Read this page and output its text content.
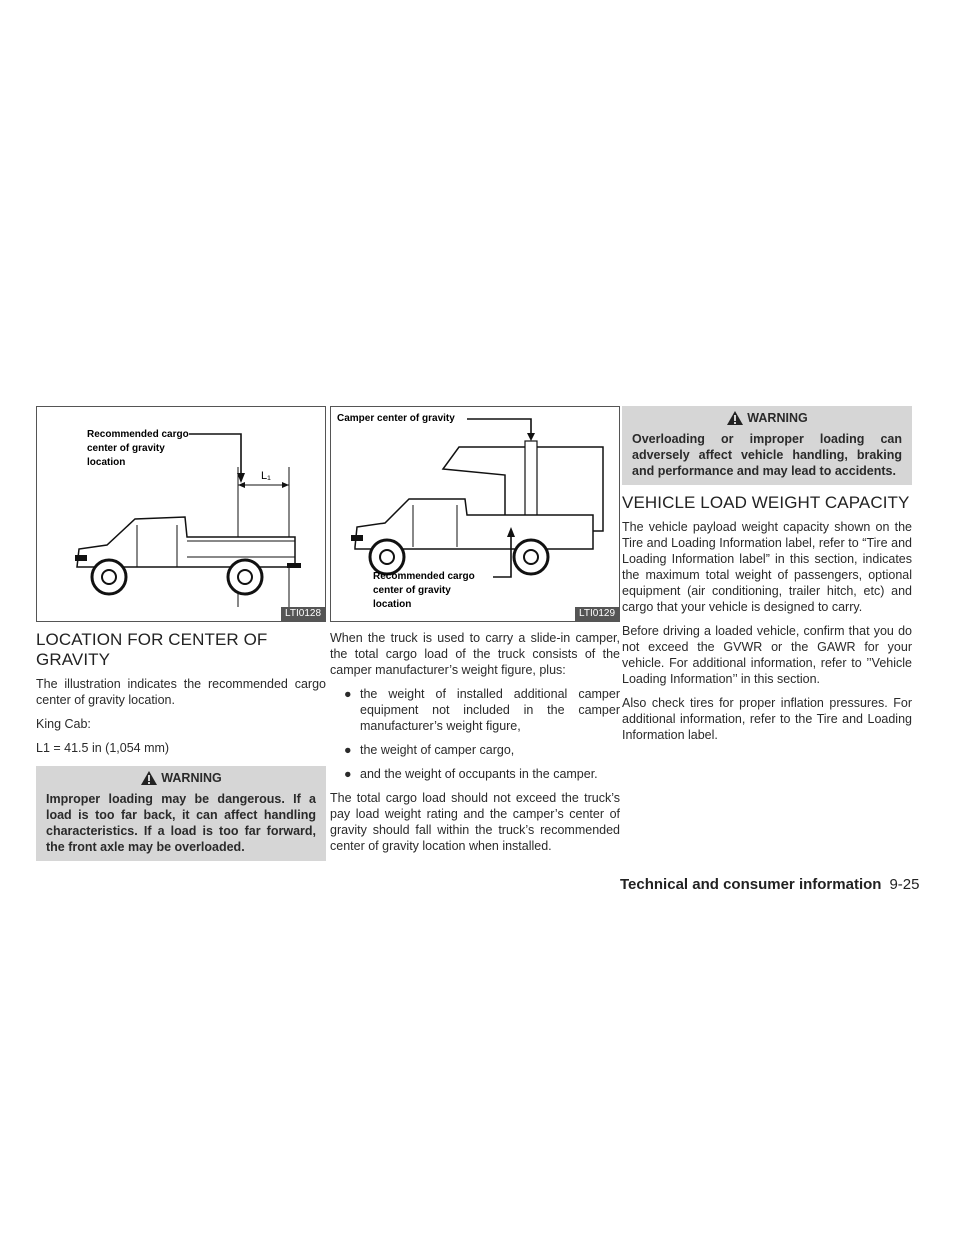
Recommended cargo
center of gravity
location
L₁
LTI0128
LOCATION FOR CENTER OF GRAVITY

The illustration indicates the recommended cargo center of gravity location.

King Cab:

L1 = 41.5 in (1,054 mm)

WARNING

Improper loading may be dangerous. If a load is too far back, it can affect handling characteristics. If a load is too far forward, the front axle may be overloaded.

Camper center of gravity
Recommended cargo
center of gravity
location
LTI0129

When the truck is used to carry a slide-in camper, the total cargo load of the truck consists of the camper manufacturer’s weight figure, plus:

● the weight of installed additional camper equipment not included in the camper manufacturer’s weight figure,
● the weight of camper cargo,
● and the weight of occupants in the camper.

The total cargo load should not exceed the truck’s pay load weight rating and the camper’s center of gravity should fall within the truck’s recommended center of gravity location when installed.

WARNING

Overloading or improper loading can adversely affect vehicle handling, braking and performance and may lead to accidents.

VEHICLE LOAD WEIGHT CAPACITY

The vehicle payload weight capacity shown on the Tire and Loading Information label, refer to “Tire and Loading Information label” in this section, indicates the maximum total weight of passengers, optional equipment (air conditioning, trailer hitch, etc) and cargo that your vehicle is designed to carry.

Before driving a loaded vehicle, confirm that you do not exceed the GVWR or the GAWR for your vehicle. For additional information, refer to ’’Vehicle Loading Information’’ in this section.

Also check tires for proper inflation pressures. For additional information, refer to the Tire and Loading Information label.

Technical and consumer information 9-25
